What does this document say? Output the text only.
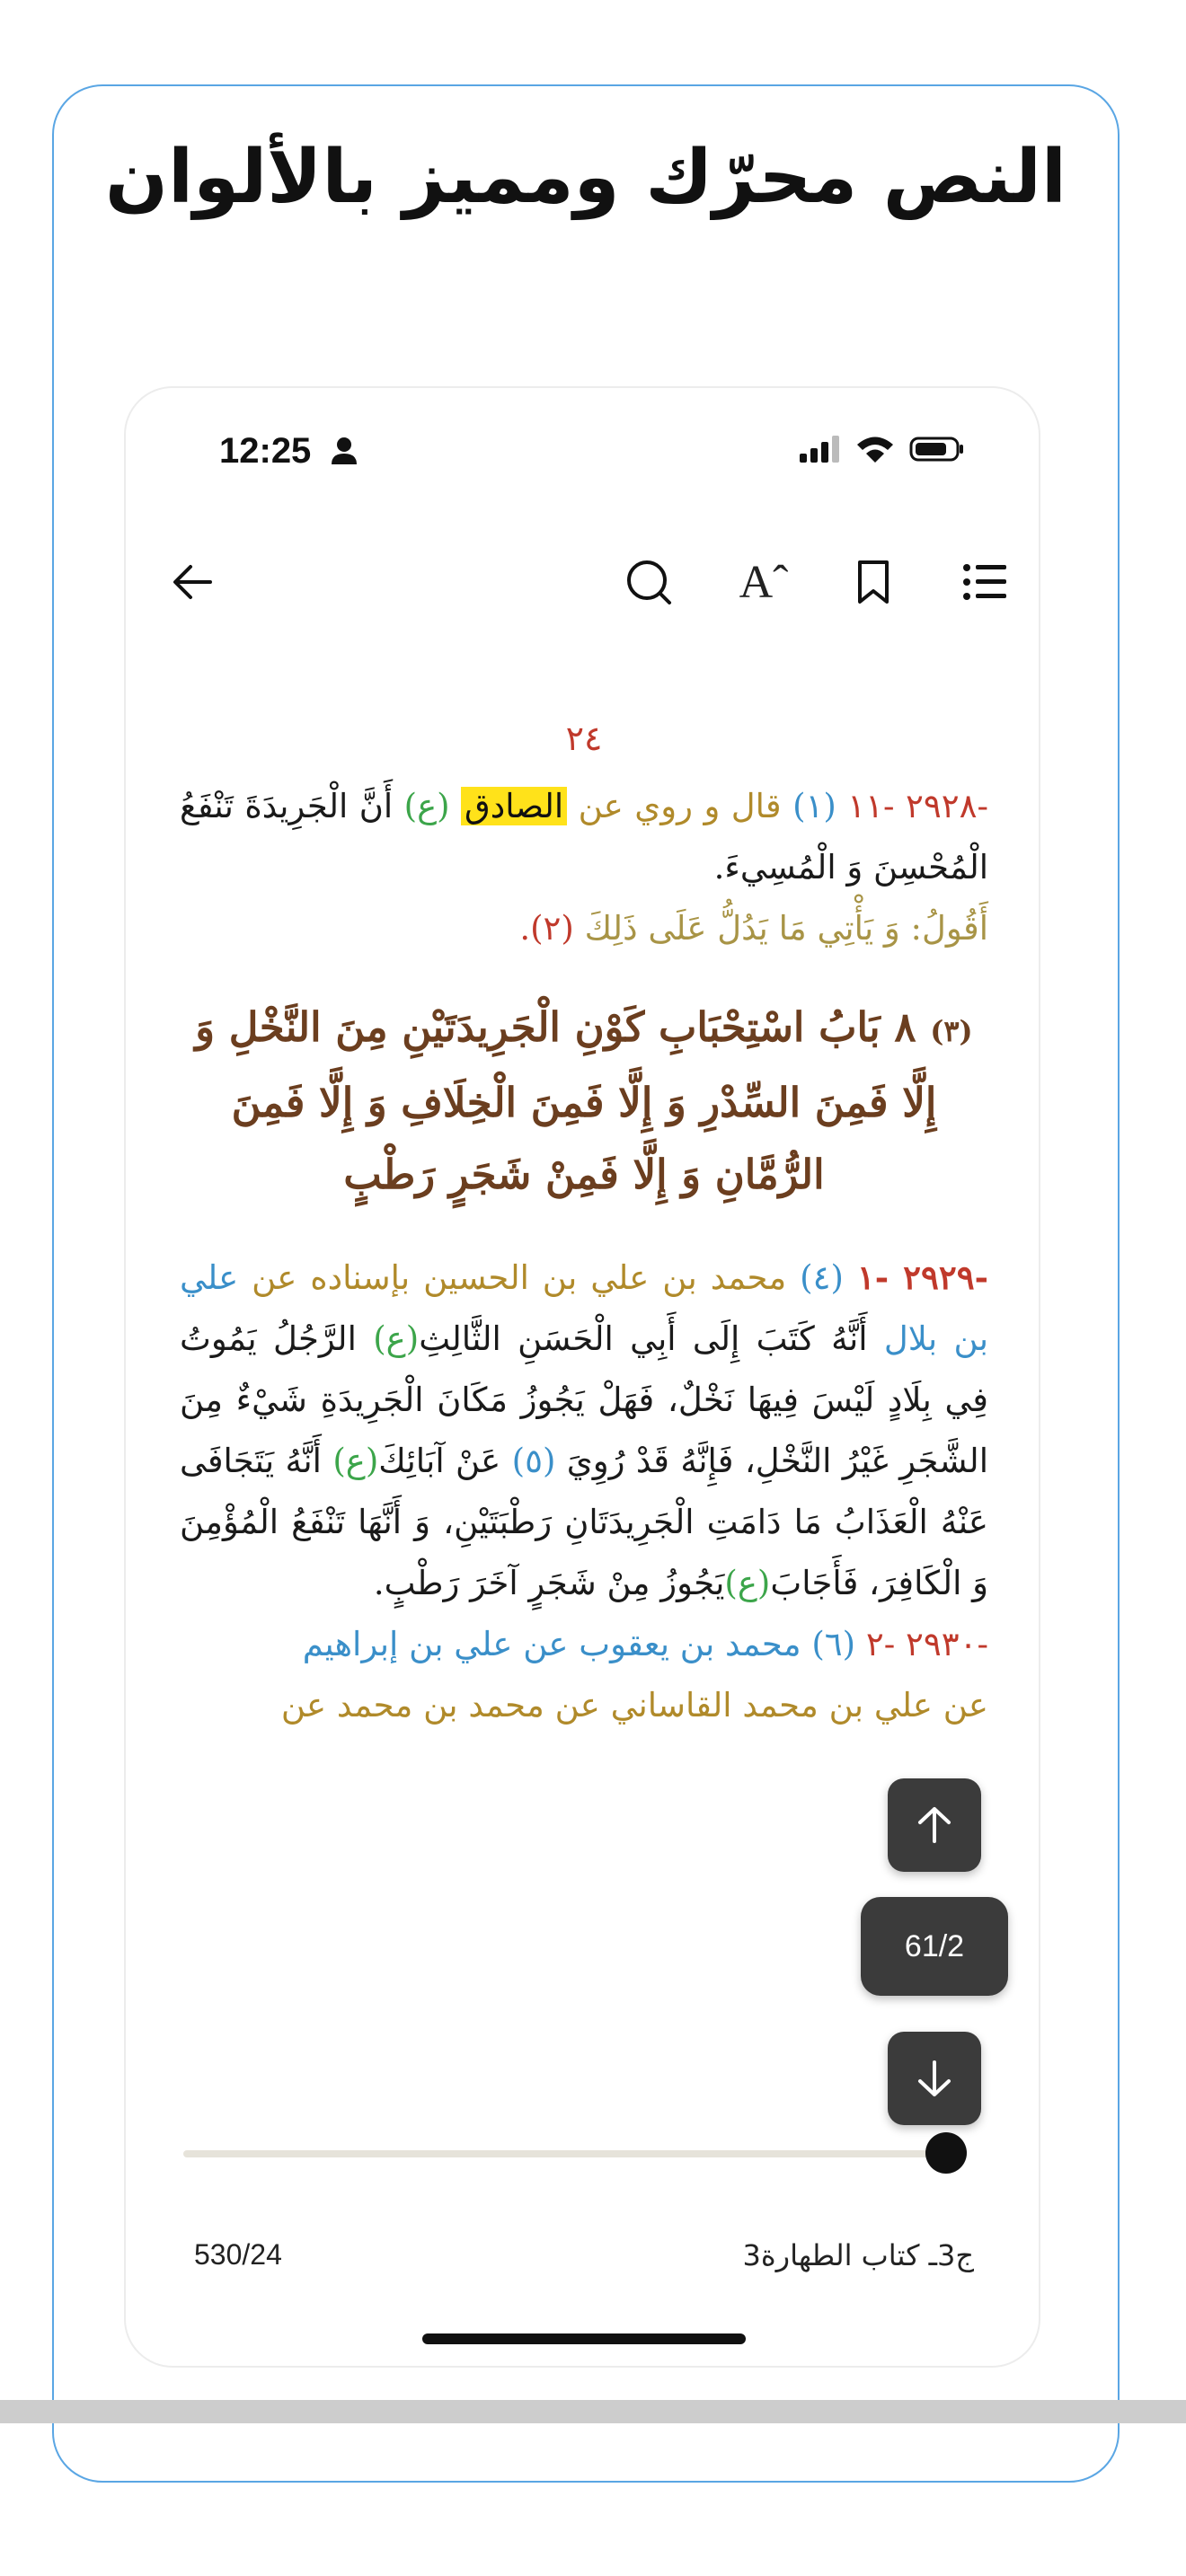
النص محرّك ومميز بالألوان
12:25
Aˆ
٢٤

-٢٩٢٨ -١١ (١) قال و روي عن الصادق (ع) أَنَّ الْجَرِيدَةَ تَنْفَعُ الْمُحْسِنَ وَ الْمُسِيءَ.

أَقُولُ: وَ يَأْتِي مَا يَدُلُّ عَلَى ذَلِكَ (٢).

(٣) ٨ بَابُ اسْتِحْبَابِ كَوْنِ الْجَرِيدَتَيْنِ مِنَ النَّخْلِ وَ إِلَّا فَمِنَ السِّدْرِ وَ إِلَّا فَمِنَ الْخِلَافِ وَ إِلَّا فَمِنَ الرُّمَّانِ وَ إِلَّا فَمِنْ شَجَرٍ رَطْبٍ

-٢٩٢٩ -١ (٤) محمد بن علي بن الحسين بإسناده عن علي بن بلال أَنَّهُ كَتَبَ إِلَى أَبِي الْحَسَنِ الثَّالِثِ(ع) الرَّجُلُ يَمُوتُ فِي بِلَادٍ لَيْسَ فِيهَا نَخْلٌ، فَهَلْ يَجُوزُ مَكَانَ الْجَرِيدَةِ شَيْءٌ مِنَ الشَّجَرِ غَيْرُ النَّخْلِ، فَإِنَّهُ قَدْ رُوِيَ (٥) عَنْ آبَائِكَ(ع) أَنَّهُ يَتَجَافَى عَنْهُ الْعَذَابُ مَا دَامَتِ الْجَرِيدَتَانِ رَطْبَتَيْنِ، وَ أَنَّهَا تَنْفَعُ الْمُؤْمِنَ وَ الْكَافِرَ، فَأَجَابَ(ع)يَجُوزُ مِنْ شَجَرٍ آخَرَ رَطْبٍ.

-٢٩٣٠ -٢ (٦) محمد بن يعقوب عن علي بن إبراهيم

عن علي بن محمد القاساني عن محمد بن محمد عن

61/2
530/24	ج3ـ كتاب الطهارة3
